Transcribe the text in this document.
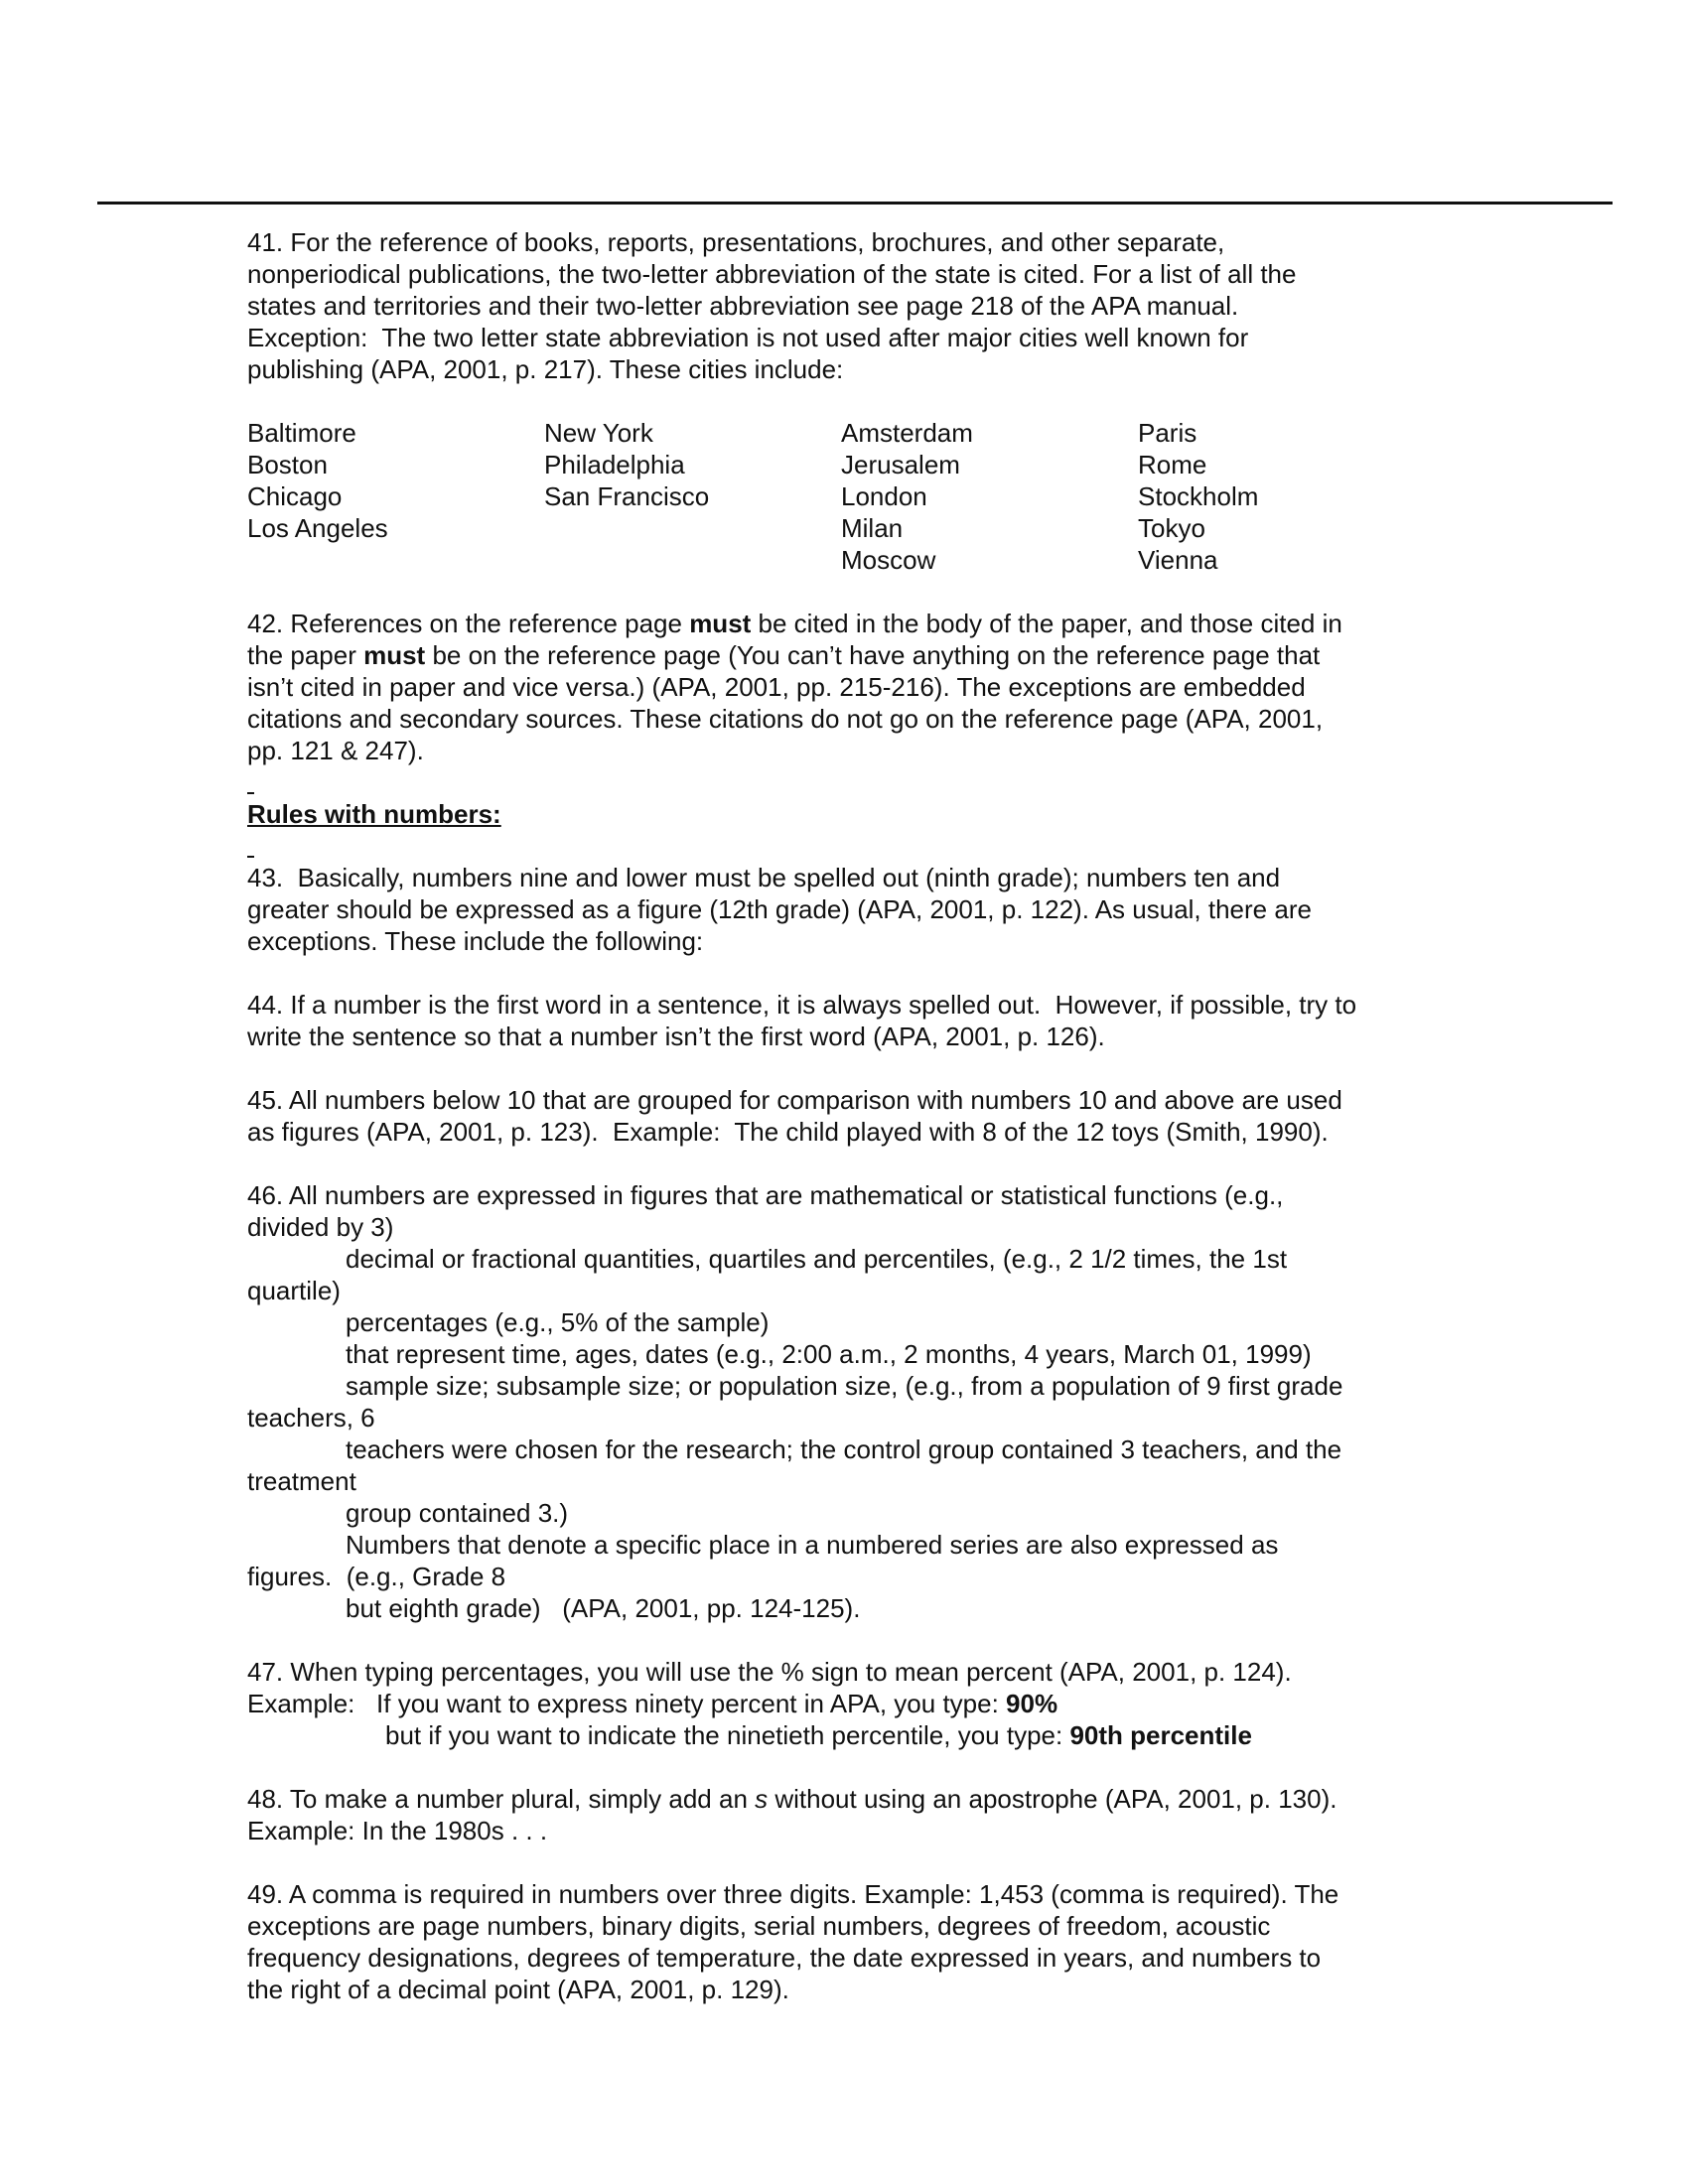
41. For the reference of books, reports, presentations, brochures, and other separate,
nonperiodical publications, the two-letter abbreviation of the state is cited. For a list of all the
states and territories and their two-letter abbreviation see page 218 of the APA manual.
Exception:  The two letter state abbreviation is not used after major cities well known for
publishing (APA, 2001, p. 217). These cities include:
Baltimore
Boston
Chicago
Los Angeles
New York
Philadelphia
San Francisco
Amsterdam
Jerusalem
London
Milan
Moscow
Paris
Rome
Stockholm
Tokyo
Vienna
42. References on the reference page must be cited in the body of the paper, and those cited in
the paper must be on the reference page (You can’t have anything on the reference page that
isn’t cited in paper and vice versa.) (APA, 2001, pp. 215-216). The exceptions are embedded
citations and secondary sources. These citations do not go on the reference page (APA, 2001,
pp. 121 & 247).
Rules with numbers:
43.  Basically, numbers nine and lower must be spelled out (ninth grade); numbers ten and
greater should be expressed as a figure (12th grade) (APA, 2001, p. 122). As usual, there are
exceptions. These include the following:
44. If a number is the first word in a sentence, it is always spelled out.  However, if possible, try to
write the sentence so that a number isn’t the first word (APA, 2001, p. 126).
45. All numbers below 10 that are grouped for comparison with numbers 10 and above are used
as figures (APA, 2001, p. 123).  Example:  The child played with 8 of the 12 toys (Smith, 1990).
46. All numbers are expressed in figures that are mathematical or statistical functions (e.g.,
divided by 3)
decimal or fractional quantities, quartiles and percentiles, (e.g., 2 1/2 times, the 1st
quartile)
percentages (e.g., 5% of the sample)
that represent time, ages, dates (e.g., 2:00 a.m., 2 months, 4 years, March 01, 1999)
sample size; subsample size; or population size, (e.g., from a population of 9 first grade
teachers, 6
teachers were chosen for the research; the control group contained 3 teachers, and the
treatment
group contained 3.)
Numbers that denote a specific place in a numbered series are also expressed as
figures.  (e.g., Grade 8
but eighth grade)   (APA, 2001, pp. 124-125).
47. When typing percentages, you will use the % sign to mean percent (APA, 2001, p. 124).
Example:   If you want to express ninety percent in APA, you type: 90%
but if you want to indicate the ninetieth percentile, you type: 90th percentile
48. To make a number plural, simply add an s without using an apostrophe (APA, 2001, p. 130).
Example: In the 1980s . . .
49. A comma is required in numbers over three digits. Example: 1,453 (comma is required). The
exceptions are page numbers, binary digits, serial numbers, degrees of freedom, acoustic
frequency designations, degrees of temperature, the date expressed in years, and numbers to
the right of a decimal point (APA, 2001, p. 129).
